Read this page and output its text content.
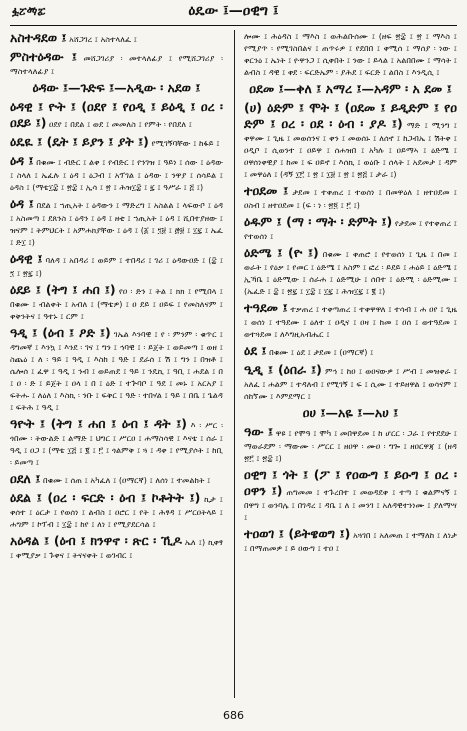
ፏፘፙፚ	ዕዴው ፤—ዐዊግ ፤

አስተዳደወ ፤ አሸጋገረ ፤ አስተላለፈ ፤

ምስተዕዳው ፤ መሸጋገሪያ ፡ መተላለፊያ ፤ የሚሸጋገሪያ ፡ ማስተላለፊያ ፤

ዕዳው ፤—ጉድፍ ፤—አዲው ፡ አደወ ፤

ዕዳዊ ፤ ዮት ፤ (ዐደየ ፤ የዐዲ ፤ ይዕዲ ፤ ዐረ ፡ ዐደይ ፤) ዐደየ ፤ በደል ፤ ወደ ፤ መመለስ ፤ የምት ፡ የበደለ ፤

ዕዴዪ ፤ (ዴት ፤ ይያን ፤ ያት ፤) የሚገኝባቸው ፤ ከፋይ ፤

ዕዳ ፤ በቁሙ ፤ ብድር ፤ ልቀ ፤ የብድር ፤ የንገዝ ፤ ዓይነ ፤ ሰው ፤ ዕዳው ፤ ስላለ ፤ ኤፈሉ ፤ ዕዳ ፤ ዕጋብ ፤ አፕገል ፤ ዕዳው ፤ ንዋያ ፤ ሰሳይል ፤ ዕዳስ ፤ (ማቴ፲፰ ፤ ፳፰ ፤ ኢሳ ፤ ፳ ፤ ሕዝ፲፰ ፤ ፯ ፤ ዓሥራ ፤ ፭ ፤)

ዕዳ ፤ በደል ፤ ኀጢአት ፤ ዕዳውን ፤ ማድረግ ፤ አስልል ፤ ላፍውቦ ፤ ዕዳ ፤ አስመጣ ፤ ደጸንስ ፤ ዕዳን ፤ ዕዳ ፤ ዘቲ ፤ ኀጢአት ፤ ዕዳ ፤ ሺበተያዘው ፤ ዝናም ፤ ትምህርት ፤ አምሐክያቸው ፤ ዕዳ ፤ (፩ ፤ ፺፱ ፤ ፸፱ ፤ ፲፯ ፤ ኤፈ ፤ ድ፲ ፤)

ዕዳዊ ፤ ባለዳ ፤ አበዳሪ ፤ ወይም ፤ ተበዳሪ ፤ ገሪ ፤ ዕዳውዐድ ፤ (፰ ፤ ፺ ፤ ፳፯ ፤)

ዕደይ ፤ (ትግ ፤ ሐበ ፤) የዐ ፡ ድን ፤ ትል ፤ ክክ ፤ የሚበላ ፤ በቁሙ ፤ ብልቀት ፤ አብለ ፤ (ማቴዎ) ፤ ዐ ደይ ፤ ዐይፍ ፤ የመስለናም ፤ ቀቅንትና ፤ ዓተኑ ፤ ርም ፤

ዓዲ ፤ (ዕብ ፤ ዖድ ፤) ገኤል እንባዊ ፤ የ ፡ ምንም ፡ ቁጥር ፤ ዳግመኛ ፤ እንኳ ፤ እንደ ፡ ገና ፤ ግን ፤ ኅባዊ ፤ ፡ ይጀት ፤ ወይመጣ ፤ ወዘ ፤ ስጨዕ ፤ ለ ፡ ዓይ ፤ ዓዲ ፤ እስከ ፤ ዓድ ፤ ደራሰ ፤ ሽ ፤ ግን ፤ በዝቶ ፤ ሴሎሰ ፤ ፈዋ ፤ ዓዲ ፤ ንብ ፤ ወይጠደ ፤ ዓይ ፤ ንዴኪ ፤ ዓቢ ፤ ሐደል ፤ በ ፤ ዐ ፡ ድ ፤ ይጀት ፤ ዐላ ፤ በ ፤ ዕድ ፤ ተጕባቦ ፤ ዓደ ፤ መኑ ፤ አርአያ ፤ ፍትሑ ፤ ለዕለ ፤ እስኪ ፡ ንቡ ፤ ፍቅር ፤ ዓድ ፡ ተበሃል ፤ ዓይ ፤ በቤ ፤ ጌልዳ ፤ ፍትሕ ፤ ዓዲ ፤

ዓዮት ፤ (ትግ ፤ ሐበ ፤ ዕብ ፤ ዳት ፤) እ ፡ ሥር ፡ ጎበሙ ፡ ትውልድ ፤ ልማድ ፤ ህግር ፤ ሥርዐ ፤ ሐማስሳዊ ፤ እናቴ ፤ ሰራ ፤ ዓዲ ፤ ዐጋ ፤ (ማቴ ፲፭ ፤ ፪ ፤ ፫ ፤ ጎልምቅ ፤ ጓ ፤ ዳቀ ፤ የሚያሶት ፤ ከቢ ፡ ይመጣ ፤

ዐደለ ፤ በቁሙ ፤ ሰጠ ፤ አካፈለ ፤ (ዐማርኛ) ፤ ለሰነ ፤ ተመልከት ፤

ዕደል ፤ (ዐረ ፡ ፍርድ ፡ ዕብ ፤ ኮቶትት ፤) ኪታ ፤ ቀሰተ ፤ ዕርታ ፤ የወሰነ ፤ ልብስ ፤ ዐሮር ፤ የት ፤ ሕፃዳ ፤ ሥርዐትላይ ፤ ሐግም ፤ ኮፕብ ፤ ፲፰ ፤ ከየ ፤ ለነ ፤ የሚያደርሳል ፤

አዕዳል ፤ (ዕብ ፤ ክንዋኖ ፡ ጽር ፡ ኺዶ ኤለ ፤) ኪቀፃ ፤ ቀሚያቃ ፤ ጉቀና ፤ ትናናቀት ፤ ወገብር ፤

ሎሙ ፤ ሕዕዳስ ፤ ማእስ ፤ ወሕልቡሰሙ ፤ (ዘፍ ፳፰ ፤ ፳ ፤ ማእስ ፤ የሚያጥ ፡ የሚገስበልና ፤ ጠጥሩዎ ፤ የደበበ ፤ ቀሚሰ ፤ ማሰያ ፡ ነው ፤ ቀርንዕ ፤ ኤነት ፤ ዮዋንጋ ፤ ሲቀበት ፤ ንው ፤ ይላል ፤ አልበበሙ ፤ ማሳት ፤ ልብስ ፤ ዳዊ ፤ ቀደ ፡ ፍርድኤም ፡ ያሕደ ፤ ፍርድ ፤ ልበስ ፤ እንዲሲ ፤

ዐደመ ፤—ቀለ ፤ አማረ ፤—አዳም ፡ አ ደመ ፤

(ሀ) ዕድም ፤ ሞት ፤ (ዐደመ ፤ ይዲድም ፤ የዐ ድም ፤ ዐረ ፡ ዐደ ፡ ዕብ ፡ ያዶ ፤) ማድ ፤ ሚንግ ፤ ቀዋሙ ፤ ጊዜ ፤ መወሰንና ፤ ቀን ፤ መወሰኑ ፤ ለሰኖ ፤ ከጋብኤ ፤ ሽትቀ ፤ ዐዲቦ ፤ ሲወንተ ፤ ዐይዋ ፤ ሰሐዝበ ፤ አካሉ ፤ ዐይማኣ ፤ ዕድሜ ፤ ዐዋሰነቀዊያ ፤ ከመ ፤ ፍ ዐይኖ ፤ እሰኪ ፤ ወዕቡ ፤ ሰላት ፤ አደመታ ፤ ዳም ፤ መዋዕለ ፤ (ዳኝ ፲፫ ፤ ፳ ፤ ፲፱ ፤ ፳ ፤ ፳፭ ፤ ታራ ፤)

ተዐደመ ፤ ታደመ ፤ ተቀጠረ ፤ ተወሰነ ፤ በመዋዕለ ፤ ዘተዐደመ ፤ ዐስብ ፤ ዘተዐደመ ፤ (ፍ ፡ ነ ፡ ፳፬ ፤ ፫ ፤)

ዕዱም ፤ (ማ ፡ ማት ፡ ድምት ፤) የታደመ ፤ የተቀጠረ ፤ የተወሰነ ፤

ዕድሜ ፤ (ዮ ፤) በቁሙ ፤ ቀጠሮ ፤ የተወሰነ ፤ ጊዜ ፤ በመ ፤ ወራት ፤ የዕቃ ፤ የመር ፤ ዕድሜ ፤ አስም ፤ ፎረ ፡ ይደይ ፤ ሐዕይ ፤ ዕድሜ ፤ ኢኻቤ ፤ ዕድሚው ፤ ሰራሐ ፤ ዕድሚሁ ፤ ሰበተ ፤ ዕድሚ ፡ ዕድሚሙ ፤ (ኤፈድ ፤ ፰ ፤ ፳፯ ፤ ፲፰ ፤ ፲፯ ፤ ሕዝ፲፯ ፤ ፪ ፤)

ተዓደመ ፤ ተቃጠረ ፤ ተቀጣጠረ ፤ ተቀዋዋለ ፤ ተሳብ ፤ ሐ ዐየ ፤ ጊዜ ፤ ወሰነ ፤ ተዓደሙ ፤ ዕለተ ፤ ዐዲና ፤ ዐዛ ፤ ከመ ፤ ዐሰ ፤ ወተዓደመ ፤ ወተጓደመ ፤ ለእግዚአብሔር ፤

ዕደ ፤ በቁሙ ፤ ዕደ ፤ ታደመ ፤ (ዐማርኛ) ፤

ዒዲ ፤ (ዕበራ ፤) ምኅ ፤ ከዐ ፤ ወዐናውዎ ፤ ሥብ ፤ መዝቀራ ፤ አለፈ ፤ ሐልም ፤ ተዳለብ ፤ የሚገኝ ፤ ፍ ፤ ሲሙ ፤ ተይዘዋል ፤ ወሳናም ፤ ሰከኘሙ ፤ እምደማር ፤

ዐሀ ፤—አዬ ፤—አሀ ፤

ዓው ፤ ዋዩ ፤ የሞዓ ፤ ሞካ ፤ መበዋደመ ፤ ከ ሆርር ፡ ጋራ ፤ የተደደሁ ፤ ማወራደም ፡ ማውሙ ፡ ሥርር ፤ ዘዐዋ ፡ ሙዐ ፡ ግጐ ፤ ዘዐርዋጃ ፤ (ዘዳ ፳፫ ፤ ፳፰ ፤)

ዐዊግ ፤ ጎት ፤ (ፖ ፤ የዐውግ ፤ ይዑግ ፤ ዐረ ፡ ዐዋን ፤) ጠግመመ ፤ ተጉረበተ ፤ መወዳደቀ ፤ ተጣ ፤ ቁልምናኝ ፤ በዋግ ፤ ወንባሌ ፤ በገዳረ ፤ ዳቤ ፤ ለ ፤ መንገ ፤ አለዳዊተንነሙ ፤ ያለማሣ ፤

ተዐወገ ፤ (ይትዌወግ ፤) አጓገበ ፤ አለመጠ ፤ ተማለከ ፤ ለነታ ፤ በማጠመዎ ፤ ይ ዐውግ ፤ ተዐ ፤

686
